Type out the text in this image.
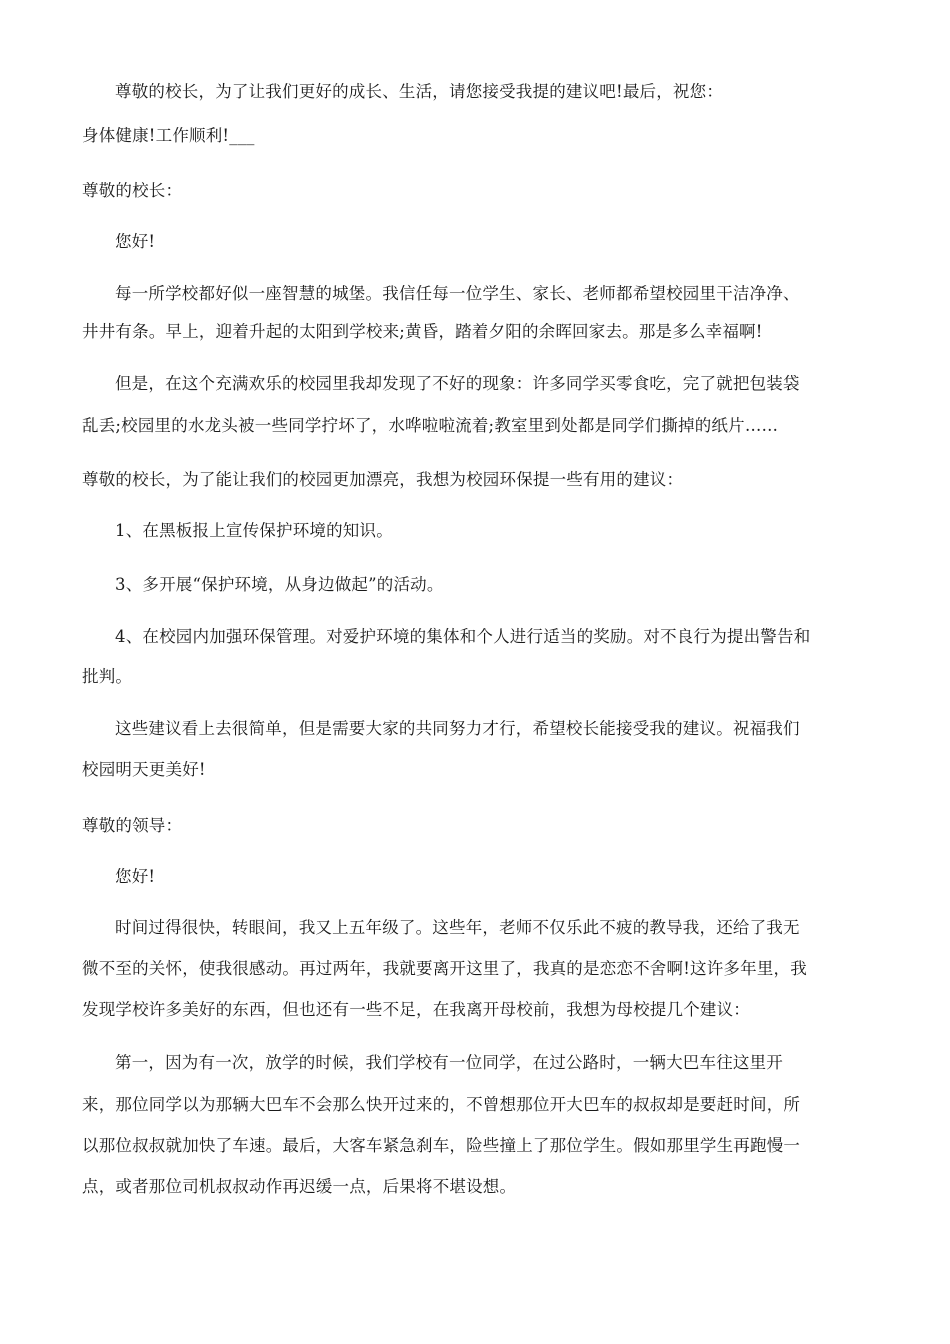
尊敬的校长，为了让我们更好的成长、生活，请您接受我提的建议吧!最后，祝您：
身体健康!工作顺利!___
尊敬的校长：
您好!
每一所学校都好似一座智慧的城堡。我信任每一位学生、家长、老师都希望校园里干洁净净、
井井有条。早上，迎着升起的太阳到学校来;黄昏，踏着夕阳的余晖回家去。那是多么幸福啊!
但是，在这个充满欢乐的校园里我却发现了不好的现象：许多同学买零食吃，完了就把包装袋
乱丢;校园里的水龙头被一些同学拧坏了，水哗啦啦流着;教室里到处都是同学们撕掉的纸片……
尊敬的校长，为了能让我们的校园更加漂亮，我想为校园环保提一些有用的建议：
1、在黑板报上宣传保护环境的知识。
3、多开展“保护环境，从身边做起”的活动。
4、在校园内加强环保管理。对爱护环境的集体和个人进行适当的奖励。对不良行为提出警告和
批判。
这些建议看上去很简单，但是需要大家的共同努力才行，希望校长能接受我的建议。祝福我们
校园明天更美好!
尊敬的领导：
您好!
时间过得很快，转眼间，我又上五年级了。这些年，老师不仅乐此不疲的教导我，还给了我无
微不至的关怀，使我很感动。再过两年，我就要离开这里了，我真的是恋恋不舍啊!这许多年里，我
发现学校许多美好的东西，但也还有一些不足，在我离开母校前，我想为母校提几个建议：
第一，因为有一次，放学的时候，我们学校有一位同学，在过公路时，一辆大巴车往这里开
来，那位同学以为那辆大巴车不会那么快开过来的，不曾想那位开大巴车的叔叔却是要赶时间，所
以那位叔叔就加快了车速。最后，大客车紧急刹车，险些撞上了那位学生。假如那里学生再跑慢一
点，或者那位司机叔叔动作再迟缓一点，后果将不堪设想。
